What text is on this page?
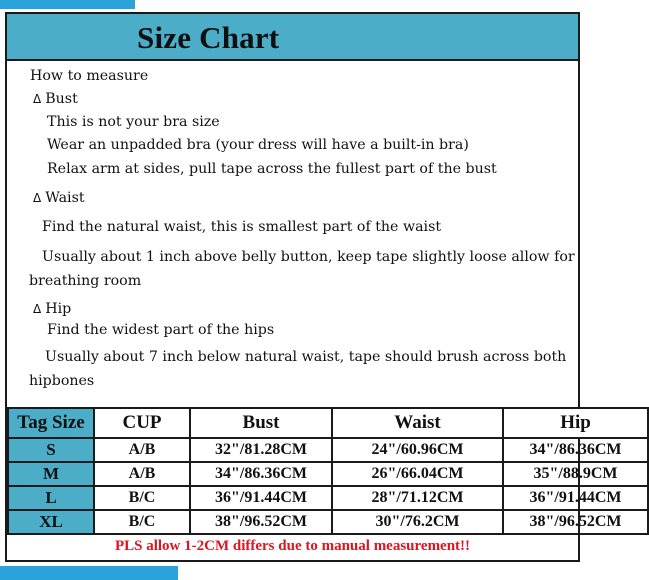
Size Chart
How to measure
Δ Bust
This is not your bra size
Wear an unpadded bra (your dress will have a built-in bra)
Relax arm at sides, pull tape across the fullest part of the bust
Δ Waist
Find the natural waist, this is smallest part of the waist
Usually about 1 inch above belly button, keep tape slightly loose allow for
breathing room
Δ Hip
Find the widest part of the hips
Usually about 7 inch below natural waist, tape should brush across both
hipbones
Tag Size	CUP	Bust	Waist	Hip
S	A/B	32"/81.28CM	24"/60.96CM	34"/86.36CM
M	A/B	34"/86.36CM	26"/66.04CM	35"/88.9CM
L	B/C	36"/91.44CM	28"/71.12CM	36"/91.44CM
XL	B/C	38"/96.52CM	30"/76.2CM	38"/96.52CM
PLS allow 1-2CM differs due to manual measurement!!
